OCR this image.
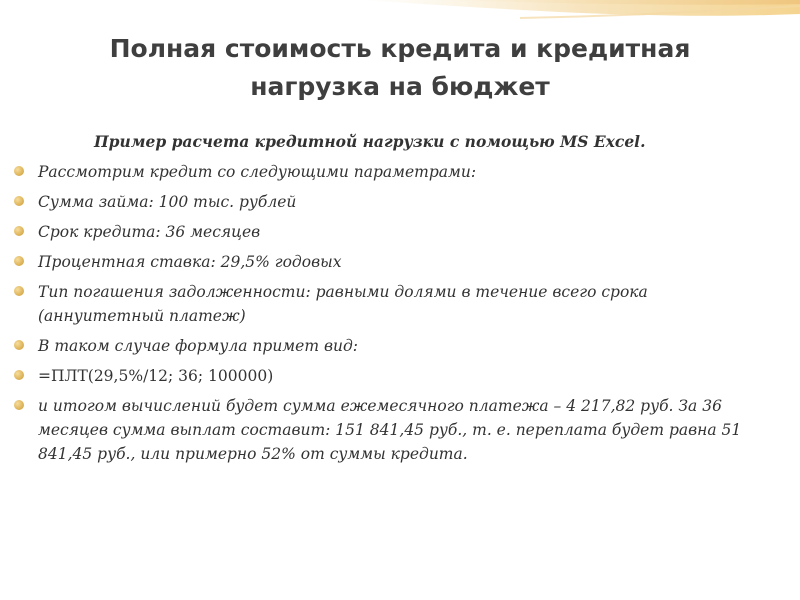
Полная стоимость кредита и кредитная
нагрузка на бюджет
Пример расчета кредитной нагрузки с помощью MS Excel.
Рассмотрим кредит со следующими параметрами:
Сумма займа: 100 тыс. рублей
Срок кредита: 36 месяцев
Процентная ставка: 29,5% годовых
Тип погашения задолженности: равными долями в течение всего срока (аннуитетный платеж)
В таком случае формула примет вид:
=ПЛТ(29,5%/12; 36; 100000)
и итогом вычислений будет сумма ежемесячного платежа – 4 217,82 руб. За 36 месяцев сумма выплат составит: 151 841,45 руб., т. е. переплата будет равна 51 841,45 руб., или примерно 52% от суммы кредита.
